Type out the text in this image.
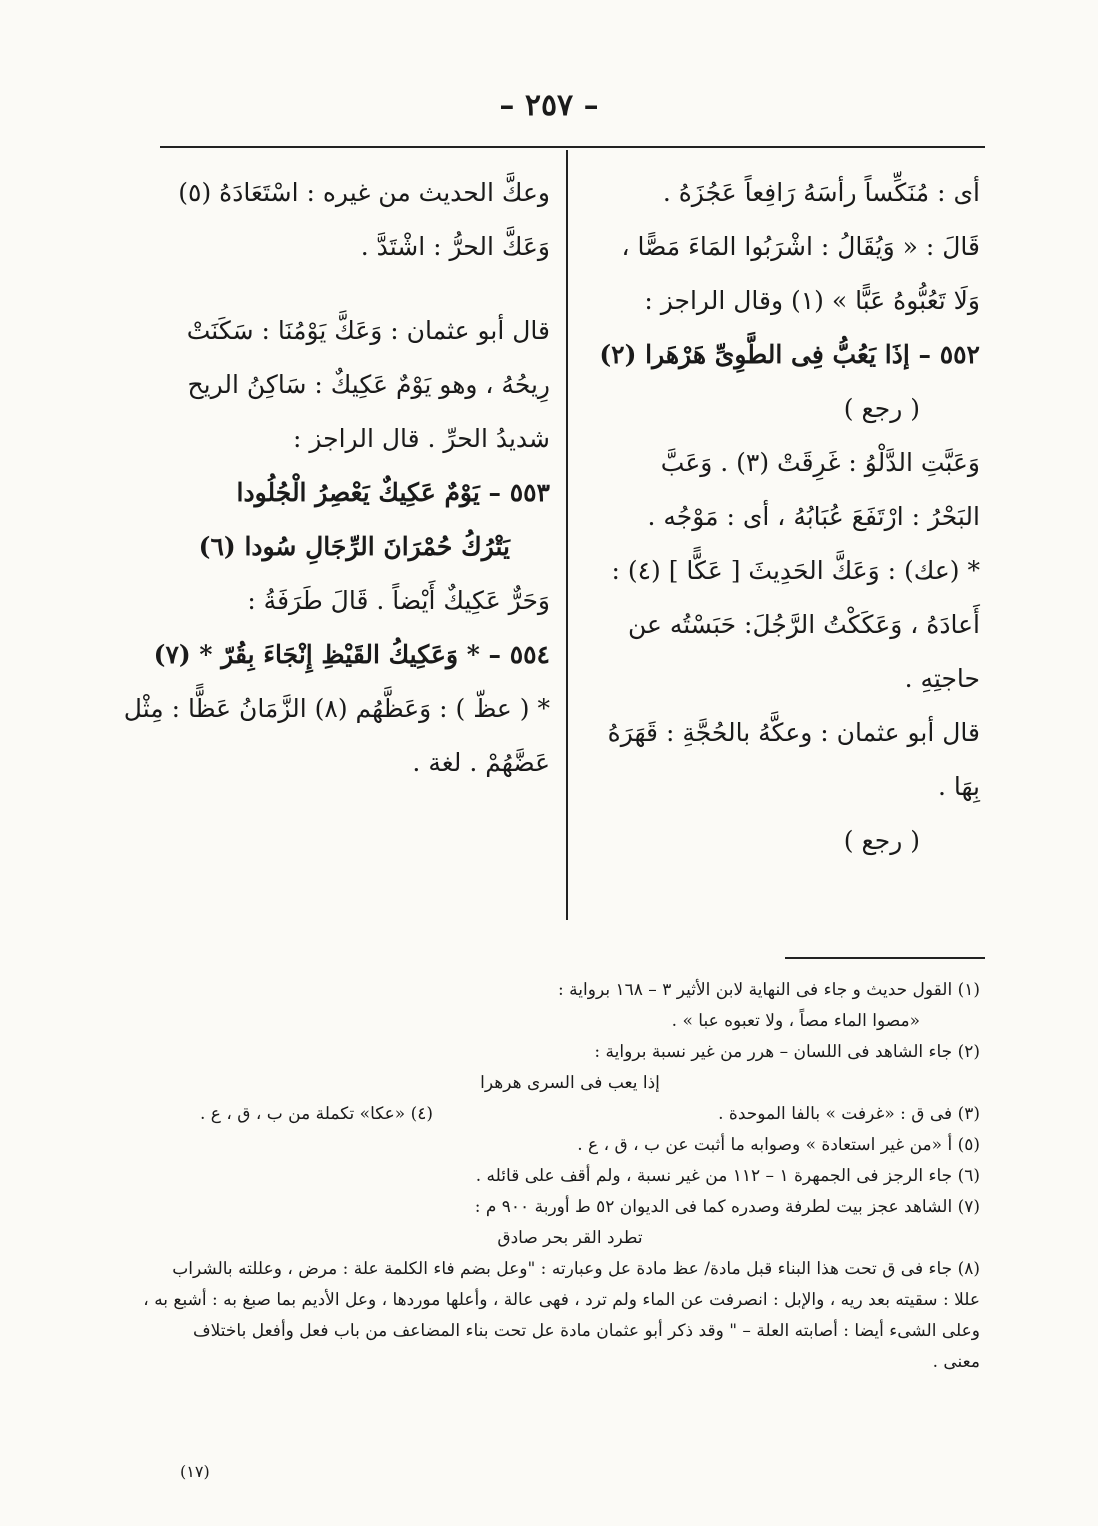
– ٢٥٧ –
أى : مُنَكِّساً رأسَهُ رَافِعاً عَجُزَهُ .
قَالَ : « وَيُقَالُ : اشْرَبُوا المَاءَ مَصًّا ،
وَلَا تَعُبُّوهُ عَبًّا » (١) وقال الراجز :
٥٥٢ – إذَا يَعُبُّ فِى الطَّوِىِّ هَرْهَرا (٢)
( رجع )
وَعَبَّتِ الدَّلْوُ : غَرِقَتْ (٣) . وَعَبَّ
البَحْرُ : ارْتَفَعَ عُبَابُهُ ، أى : مَوْجُه .
* (عك) : وَعَكَّ الحَدِيثَ [ عَكًّا ] (٤) :
أَعادَهُ ، وَعَكَكْتُ الرَّجُلَ: حَبَسْتُه عن
حاجتِهِ .
قال أبو عثمان : وعكَّهُ بالحُجَّةِ : قَهَرَهُ
بِهَا .
( رجع )
وعكَّ الحديث من غيره : اسْتَعَادَهُ (٥)
وَعَكَّ الحرُّ : اشْتَدَّ .
قال أبو عثمان : وَعَكَّ يَوْمُنَا : سَكَنَتْ
رِيحُهُ ، وهو يَوْمٌ عَكِيكٌ : سَاكِنُ الريح
شديدُ الحرِّ . قال الراجز :
٥٥٣ – يَوْمٌ عَكِيكٌ يَعْصِرُ الْجُلُودا
يَتْرُكُ حُمْرَانَ الرِّجَالِ سُودا (٦)
وَحَرٌّ عَكِيكٌ أَيْضاً . قَالَ طَرَفَةُ :
٥٥٤ – * وَعَكِيكُ القَيْظِ إِنْجَاءَ بِقُرّ * (٧)
* ( عظّ ) : وَعَظَّهُم (٨) الزَّمَانُ عَظًّا : مِثْل
عَضَّهُمْ . لغة .
(١) القول حديث و جاء فى النهاية لابن الأثير ٣ – ١٦٨ برواية :
«مصوا الماء مصاً ، ولا تعبوه عبا » .
(٢) جاء الشاهد فى اللسان – هرر من غير نسبة برواية :
إذا يعب فى السرى هرهرا
(٣) فى ق : «غرفت » بالفا الموحدة .
(٤) «عكا» تكملة من ب ، ق ، ع .
(٥) أ «من غير استعادة » وصوابه ما أثبت عن ب ، ق ، ع .
(٦) جاء الرجز فى الجمهرة ١ – ١١٢ من غير نسبة ، ولم أقف على قائله .
(٧) الشاهد عجز بيت لطرفة وصدره كما فى الديوان ٥٢ ط أوربة ٩٠٠ م :
تطرد القر بحر صادق
(٨) جاء فى ق تحت هذا البناء قبل مادة/ عظ مادة عل وعبارته : "وعل بضم فاء الكلمة علة : مرض ، وعللته بالشراب
عللا : سقيته بعد ريه ، والإبل : انصرفت عن الماء ولم ترد ، فهى عالة ، وأعلها موردها ، وعل الأديم بما صبغ به : أشبع به ،
وعلى الشىء أيضا : أصابته العلة – " وقد ذكر أبو عثمان مادة عل تحت بناء المضاعف من باب فعل وأفعل باختلاف
معنى .
(١٧)
